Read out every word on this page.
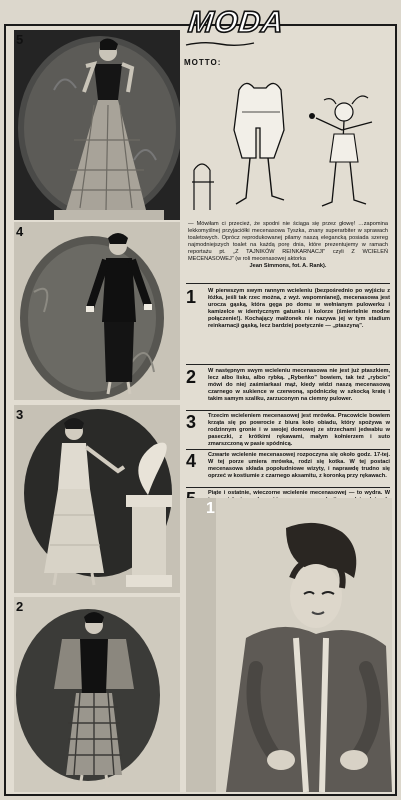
MODA
MOTTO:
— Mówiłam ci przecież, że spodni nie ściąga się przez głowę! …zapomina lekkomyślnej przyjaciółki mecenasowa Tyszka, znany superarbiter w sprawach toaletowych. Oprócz reprodukowanej pilamy naszą elegancką posiada szereg najmodniejszych toalet na każdą porę dnia, które prezentujemy w ramach reportażu pt. „Z TAJNIKÓW REINKARNACJI” czyli Z WCIELEŃ MECENASOWEJ” (w roli mecenasowej aktorka
Jean Simmons, fot. A. Rank).
1 W pierwszym swym rannym wcieleniu (bezpośrednio po wyjściu z łóżka, jeśli tak rzec można, z wyż. wspomnianej), mecenasowa jest urocza gąską, która gęga po domu w wełnianym pulowerku i kamizelce w identycznym gatunku i kolorze (śmiertelnie modne połączenie!). Kochający małżonek nie nazywa jej w tym stadium reinkarnacji gąską, lecz bardziej poetycznie — „ptaszyną”.
2 W następnym swym wcieleniu mecenasowa nie jest już ptaszkiem, lecz albo lisku, albo rybką. „Rybeńko” bowiem, tak też „rybcio” mówi do niej zaśmiarkasi mąż, kiedy widzi naszą mecenasową czarnego w sukience w czerwoną, spódniczkę w szkocką kratę i takim samym szaliku, zarzuconym na ciemny pulower.
3 Trzecim wcieleniem mecenasowej jest mrówka. Pracowicie bowiem krząta się po powrocie z biura koło obiadu, który spożywa w rodzinnym gronie i w swojej domowej ze strzechami jedwabiu w paseczki, z krótkimi rękawami, małym kołnierzem i suto zmarszczoną w pasie spódnicą.
4 Czwarte wcielenie mecenasowej rozpoczyna się około godz. 17-tej. W tej porze umiera mrówka, rodzi się kotka. W tej postaci mecenasowa składa popołudniowe wizyty, i naprawdę trudno się oprzeć w kostiumie z czarnego aksamitu, z koronką przy rękawach.
Piąte i ostatnie, wieczorne wcielenie mecenasowej — to wydra. W
5
4
3
2
1
